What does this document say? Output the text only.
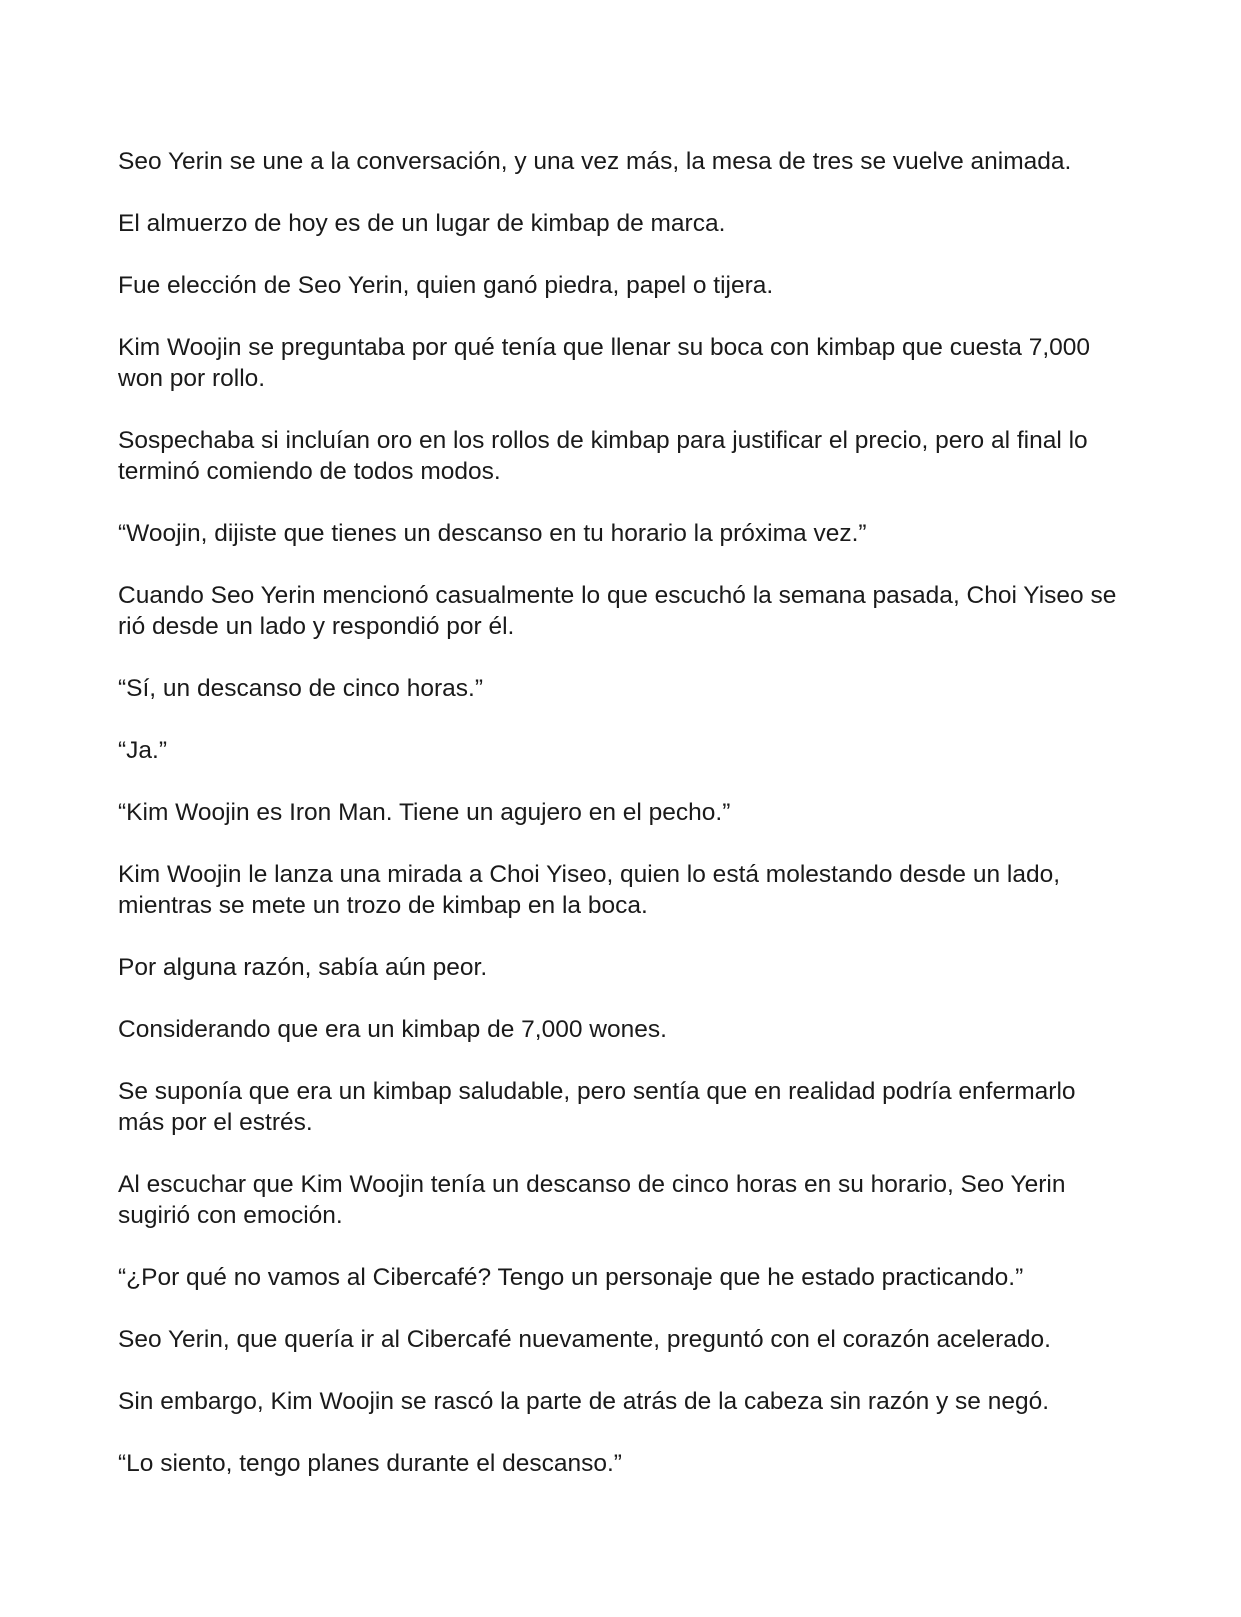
Seo Yerin se une a la conversación, y una vez más, la mesa de tres se vuelve animada.

El almuerzo de hoy es de un lugar de kimbap de marca.

Fue elección de Seo Yerin, quien ganó piedra, papel o tijera.

Kim Woojin se preguntaba por qué tenía que llenar su boca con kimbap que cuesta 7,000 won por rollo.

Sospechaba si incluían oro en los rollos de kimbap para justificar el precio, pero al final lo terminó comiendo de todos modos.

“Woojin, dijiste que tienes un descanso en tu horario la próxima vez.”

Cuando Seo Yerin mencionó casualmente lo que escuchó la semana pasada, Choi Yiseo se rió desde un lado y respondió por él.

“Sí, un descanso de cinco horas.”

“Ja.”

“Kim Woojin es Iron Man. Tiene un agujero en el pecho.”

Kim Woojin le lanza una mirada a Choi Yiseo, quien lo está molestando desde un lado, mientras se mete un trozo de kimbap en la boca.

Por alguna razón, sabía aún peor.

Considerando que era un kimbap de 7,000 wones.

Se suponía que era un kimbap saludable, pero sentía que en realidad podría enfermarlo más por el estrés.

Al escuchar que Kim Woojin tenía un descanso de cinco horas en su horario, Seo Yerin sugirió con emoción.

“¿Por qué no vamos al Cibercafé? Tengo un personaje que he estado practicando.”

Seo Yerin, que quería ir al Cibercafé nuevamente, preguntó con el corazón acelerado.

Sin embargo, Kim Woojin se rascó la parte de atrás de la cabeza sin razón y se negó.

“Lo siento, tengo planes durante el descanso.”
